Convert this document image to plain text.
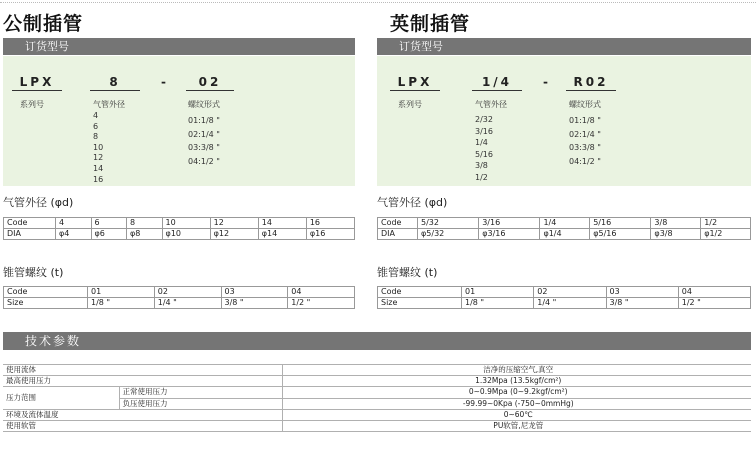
公制插管
订货型号
LPX	8	-	02
系列号	气管外径	螺纹形式
4
6
8
10
12
14
16
01:1/8 "
02:1/4 "
03:3/8 "
04:1/2 "
气管外径 (φd)
Code	4	6	8	10	12	14	16
DIA	φ4	φ6	φ8	φ10	φ12	φ14	φ16
锥管螺纹 (t)
Code	01	02	03	04
Size	1/8 "	1/4 "	3/8 "	1/2 "
英制插管
订货型号
LPX	1/4	-	R02
系列号	气管外径	螺纹形式
2/32
3/16
1/4
5/16
3/8
1/2
01:1/8 "
02:1/4 "
03:3/8 "
04:1/2 "
气管外径 (φd)
Code	5/32	3/16	1/4	5/16	3/8	1/2
DIA	φ5/32	φ3/16	φ1/4	φ5/16	φ3/8	φ1/2
锥管螺纹 (t)
Code	01	02	03	04
Size	1/8 "	1/4 "	3/8 "	1/2 "
技术参数
使用流体		洁净的压缩空气,真空
最高使用压力		1.32Mpa (13.5kgf/cm²)
压力范围	正常使用压力	0~0.9Mpa (0~9.2kgf/cm²)
	负压使用压力	-99.99~0Kpa (-750~0mmHg)
环境及流体温度		0~60℃
使用软管		PU软管,尼龙管
